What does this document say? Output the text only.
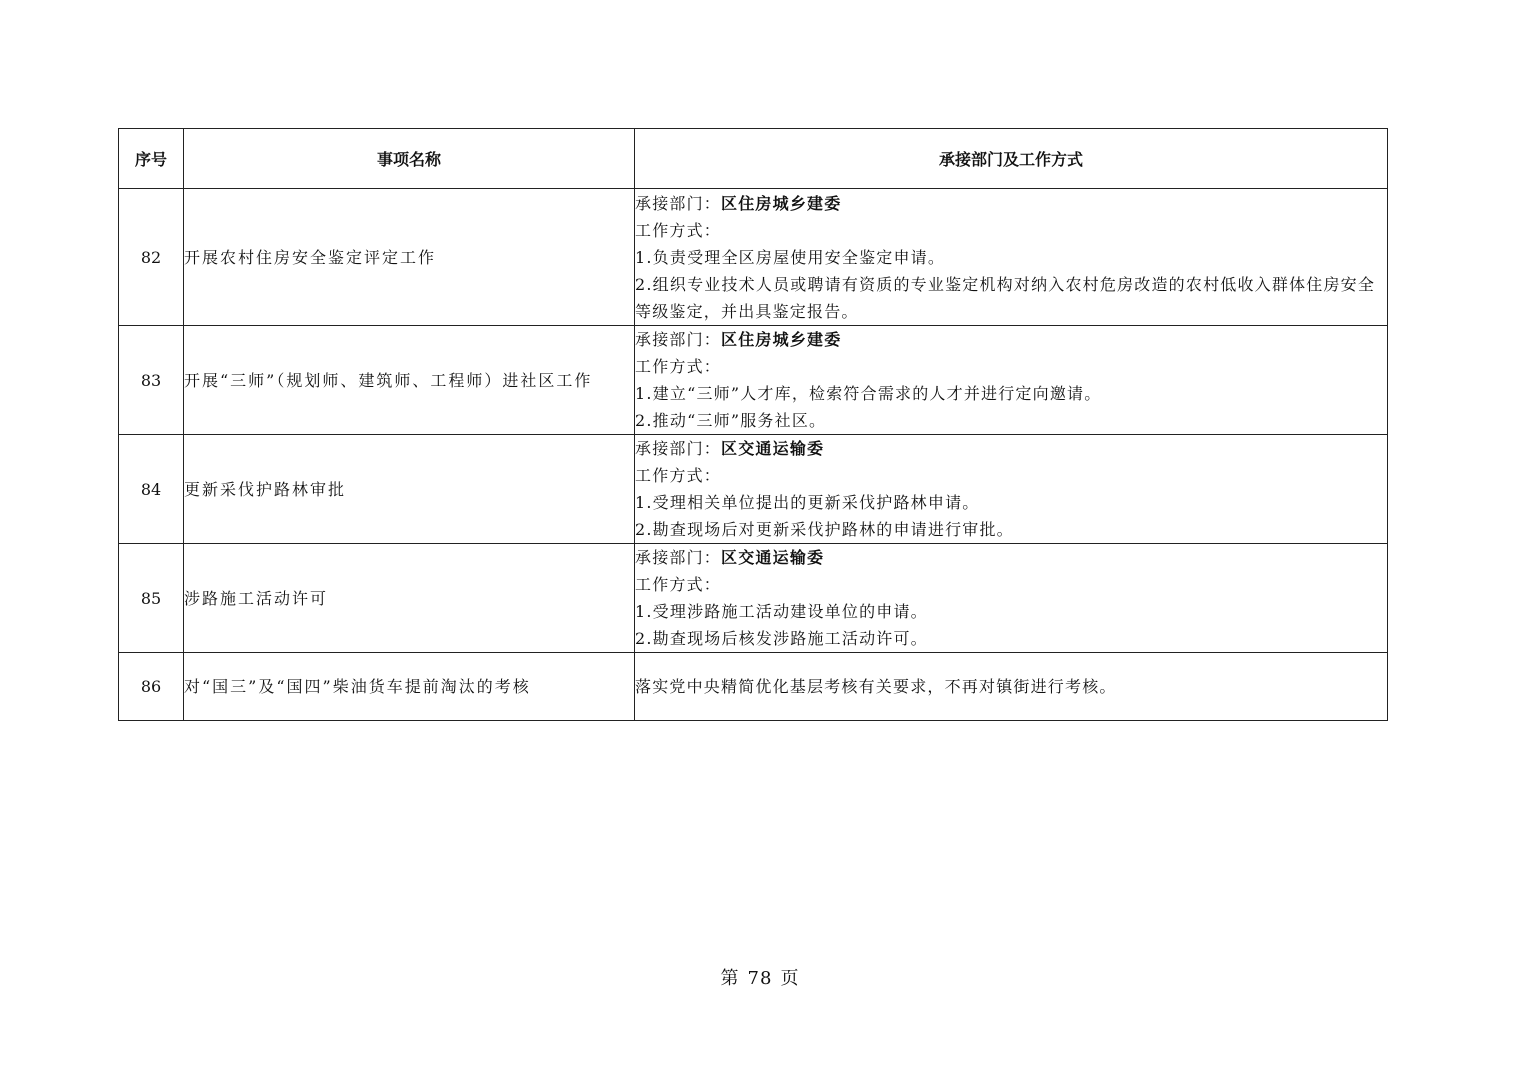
序号	事项名称	承接部门及工作方式
82	开展农村住房安全鉴定评定工作	承接部门：区住房城乡建委
工作方式：
1.负责受理全区房屋使用安全鉴定申请。
2.组织专业技术人员或聘请有资质的专业鉴定机构对纳入农村危房改造的农村低收入群体住房安全等级鉴定，并出具鉴定报告。

83	开展“三师”（规划师、建筑师、工程师）进社区工作	承接部门：区住房城乡建委
工作方式：
1.建立“三师”人才库，检索符合需求的人才并进行定向邀请。
2.推动“三师”服务社区。

84	更新采伐护路林审批	承接部门：区交通运输委
工作方式：
1.受理相关单位提出的更新采伐护路林申请。
2.勘查现场后对更新采伐护路林的申请进行审批。

85	涉路施工活动许可	承接部门：区交通运输委
工作方式：
1.受理涉路施工活动建设单位的申请。
2.勘查现场后核发涉路施工活动许可。

86	对“国三”及“国四”柴油货车提前淘汰的考核	落实党中央精简优化基层考核有关要求，不再对镇街进行考核。
第 78 页
